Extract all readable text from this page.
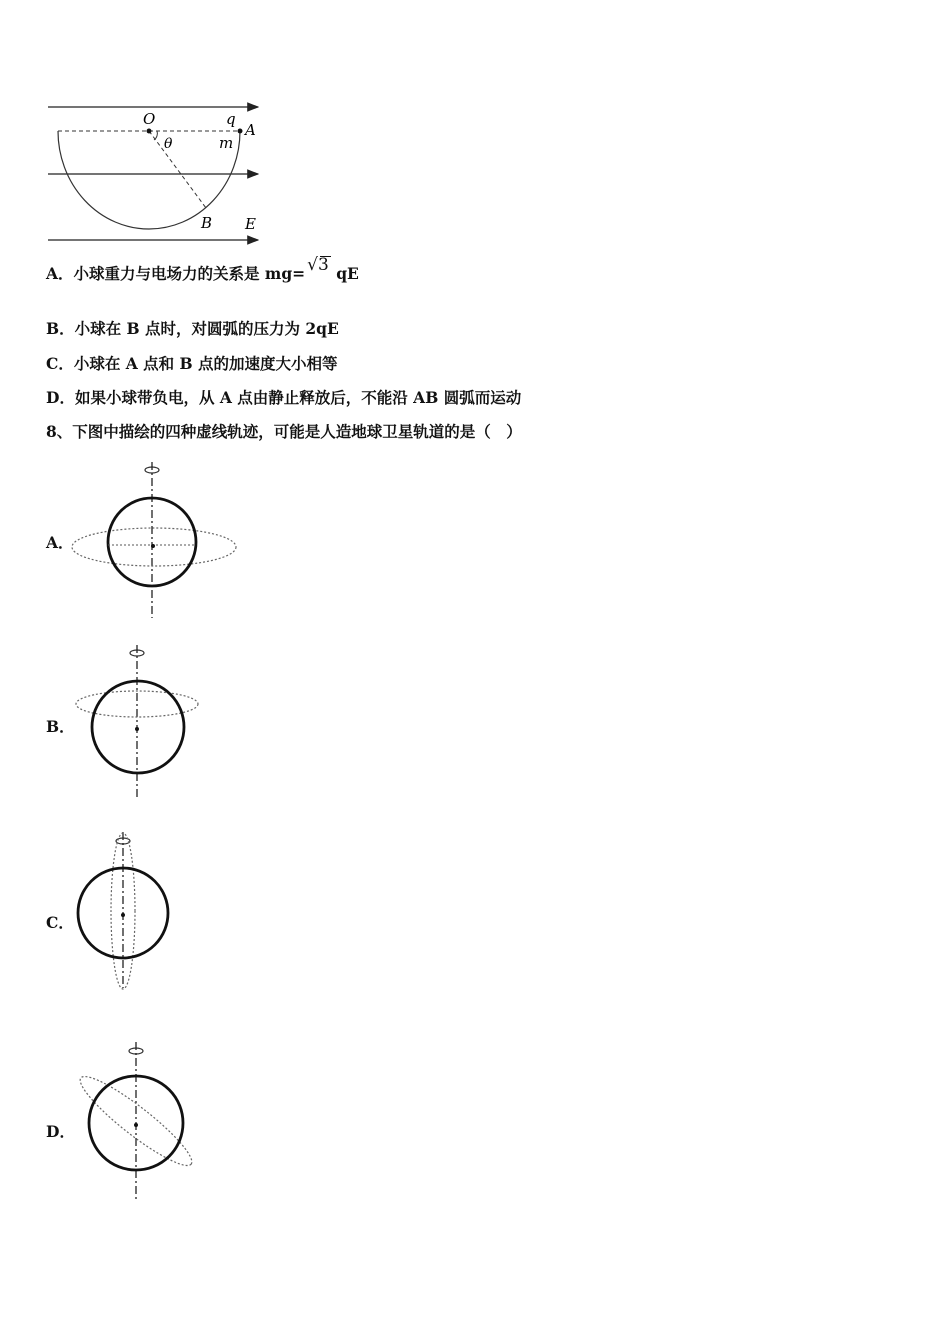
O	q
A
θ	m
B E
A．小球重力与电场力的关系是 mg= √3
qE
B．小球在 B 点时，对圆弧的压力为 2qE
C．小球在 A 点和 B 点的加速度大小相等
D．如果小球带负电，从 A 点由静止释放后，不能沿 AB 圆弧而运动
8、下图中描绘的四种虚线轨迹，可能是人造地球卫星轨道的是（　）
A．
B．
C．
D．
